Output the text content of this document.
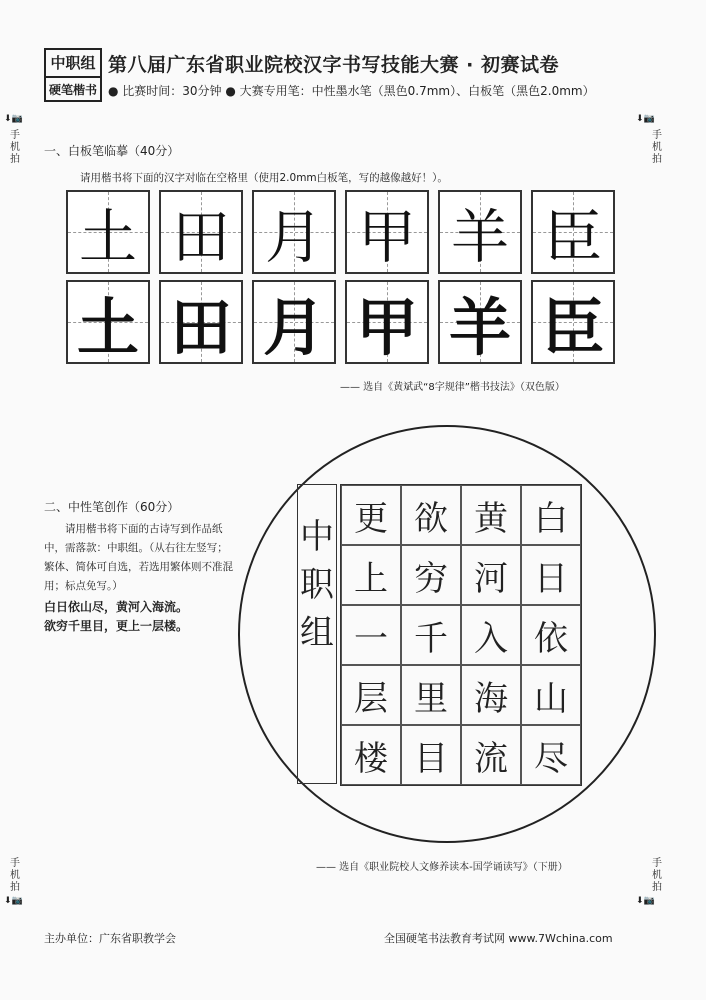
中职组
硬笔楷书
第八届广东省职业院校汉字书写技能大赛 · 初赛试卷
● 比赛时间：30分钟 ● 大赛专用笔：中性墨水笔（黑色0.7mm）、白板笔（黑色2.0mm）
⬇📷
手
机
拍
⬇📷
手
机
拍
手
机
拍
⬇📷
手
机
拍
⬇📷
一、白板笔临摹（40分）
请用楷书将下面的汉字对临在空格里（使用2.0mm白板笔，写的越像越好！）。
土 田 月 甲 羊 臣
土 田 月 甲 羊 臣
—— 选自《黄斌武“8字规律”楷书技法》（双色版）
二、中性笔创作（60分）
请用楷书将下面的古诗写到作品纸中，需落款：中职组。（从右往左竖写；繁体、简体可自选，若选用繁体则不准混用；标点免写。）
白日依山尽，黄河入海流。
欲穷千里目，更上一层楼。
中
职
组
更 欲 黄 白
上 穷 河 日
一 千 入 依
层 里 海 山
楼 目 流 尽
—— 选自《职业院校人文修养读本-国学诵读写》（下册）
主办单位：广东省职教学会	全国硬笔书法教育考试网 www.7Wchina.com
